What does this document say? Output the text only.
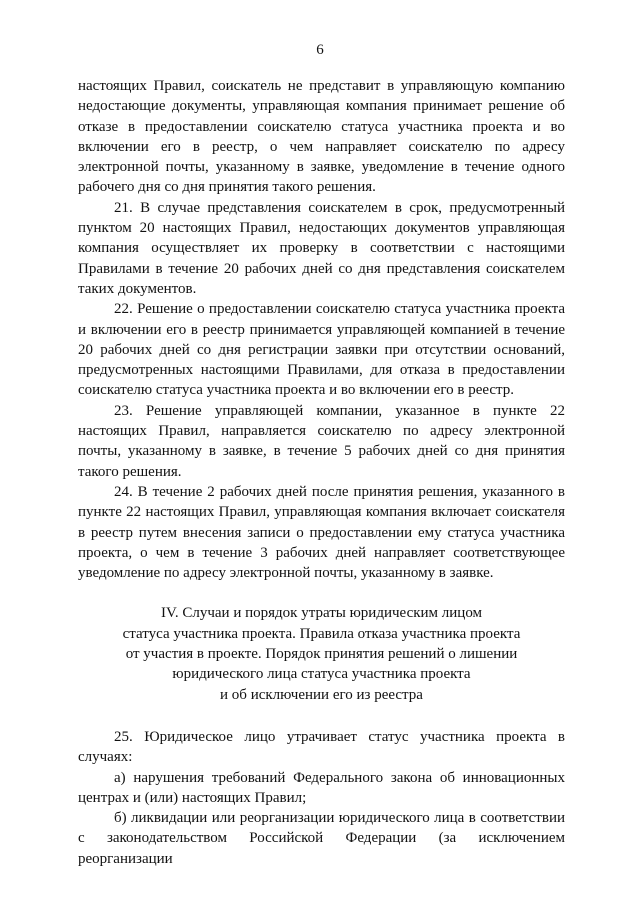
6

настоящих Правил, соискатель не представит в управляющую компанию недостающие документы, управляющая компания принимает решение об отказе в предоставлении соискателю статуса участника проекта и во включении его в реестр, о чем направляет соискателю по адресу электронной почты, указанному в заявке, уведомление в течение одного рабочего дня со дня принятия такого решения.

21. В случае представления соискателем в срок, предусмотренный пунктом 20 настоящих Правил, недостающих документов управляющая компания осуществляет их проверку в соответствии с настоящими Правилами в течение 20 рабочих дней со дня представления соискателем таких документов.

22. Решение о предоставлении соискателю статуса участника проекта и включении его в реестр принимается управляющей компанией в течение 20 рабочих дней со дня регистрации заявки при отсутствии оснований, предусмотренных настоящими Правилами, для отказа в предоставлении соискателю статуса участника проекта и во включении его в реестр.

23. Решение управляющей компании, указанное в пункте 22 настоящих Правил, направляется соискателю по адресу электронной почты, указанному в заявке, в течение 5 рабочих дней со дня принятия такого решения.

24. В течение 2 рабочих дней после принятия решения, указанного в пункте 22 настоящих Правил, управляющая компания включает соискателя в реестр путем внесения записи о предоставлении ему статуса участника проекта, о чем в течение 3 рабочих дней направляет соответствующее уведомление по адресу электронной почты, указанному в заявке.

IV. Случаи и порядок утраты юридическим лицом
статуса участника проекта. Правила отказа участника проекта
от участия в проекте. Порядок принятия решений о лишении
юридического лица статуса участника проекта
и об исключении его из реестра

25. Юридическое лицо утрачивает статус участника проекта в случаях:

а) нарушения требований Федерального закона об инновационных центрах и (или) настоящих Правил;

б) ликвидации или реорганизации юридического лица в соответствии с законодательством Российской Федерации (за исключением реорганизации
